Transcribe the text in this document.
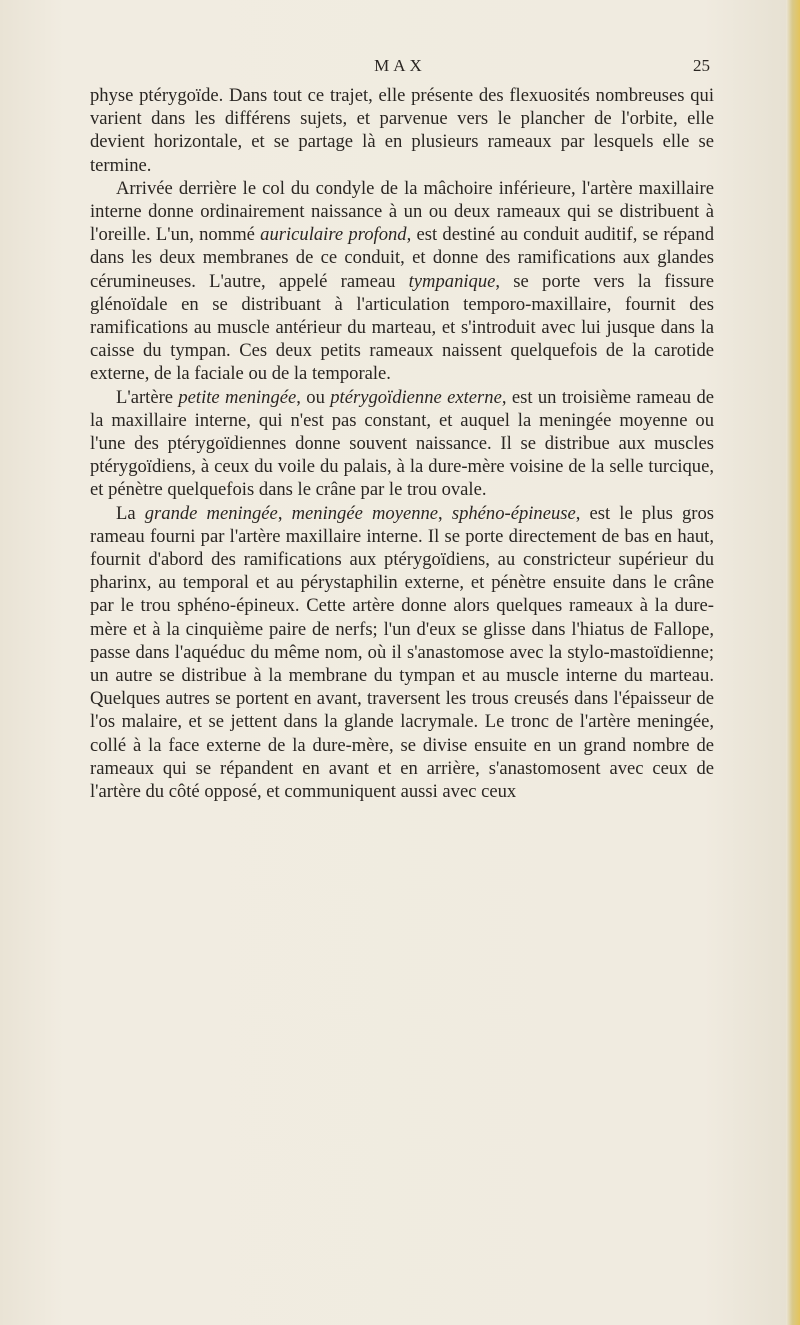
MAX	25

physe ptérygoïde. Dans tout ce trajet, elle présente des flexuosités nombreuses qui varient dans les différens sujets, et parvenue vers le plancher de l'orbite, elle devient horizontale, et se partage là en plusieurs rameaux par lesquels elle se termine.

Arrivée derrière le col du condyle de la mâchoire inférieure, l'artère maxillaire interne donne ordinairement naissance à un ou deux rameaux qui se distribuent à l'oreille. L'un, nommé auriculaire profond, est destiné au conduit auditif, se répand dans les deux membranes de ce conduit, et donne des ramifications aux glandes cérumineuses. L'autre, appelé rameau tympanique, se porte vers la fissure glénoïdale en se distribuant à l'articulation temporo-maxillaire, fournit des ramifications au muscle antérieur du marteau, et s'introduit avec lui jusque dans la caisse du tympan. Ces deux petits rameaux naissent quelquefois de la carotide externe, de la faciale ou de la temporale.

L'artère petite meningée, ou ptérygoïdienne externe, est un troisième rameau de la maxillaire interne, qui n'est pas constant, et auquel la meningée moyenne ou l'une des ptérygoïdiennes donne souvent naissance. Il se distribue aux muscles ptérygoïdiens, à ceux du voile du palais, à la dure-mère voisine de la selle turcique, et pénètre quelquefois dans le crâne par le trou ovale.

La grande meningée, meningée moyenne, sphéno-épineuse, est le plus gros rameau fourni par l'artère maxillaire interne. Il se porte directement de bas en haut, fournit d'abord des ramifications aux ptérygoïdiens, au constricteur supérieur du pharinx, au temporal et au pérystaphilin externe, et pénètre ensuite dans le crâne par le trou sphéno-épineux. Cette artère donne alors quelques rameaux à la dure-mère et à la cinquième paire de nerfs; l'un d'eux se glisse dans l'hiatus de Fallope, passe dans l'aquéduc du même nom, où il s'anastomose avec la stylo-mastoïdienne; un autre se distribue à la membrane du tympan et au muscle interne du marteau. Quelques autres se portent en avant, traversent les trous creusés dans l'épaisseur de l'os malaire, et se jettent dans la glande lacrymale. Le tronc de l'artère meningée, collé à la face externe de la dure-mère, se divise ensuite en un grand nombre de rameaux qui se répandent en avant et en arrière, s'anastomosent avec ceux de l'artère du côté opposé, et communiquent aussi avec ceux
